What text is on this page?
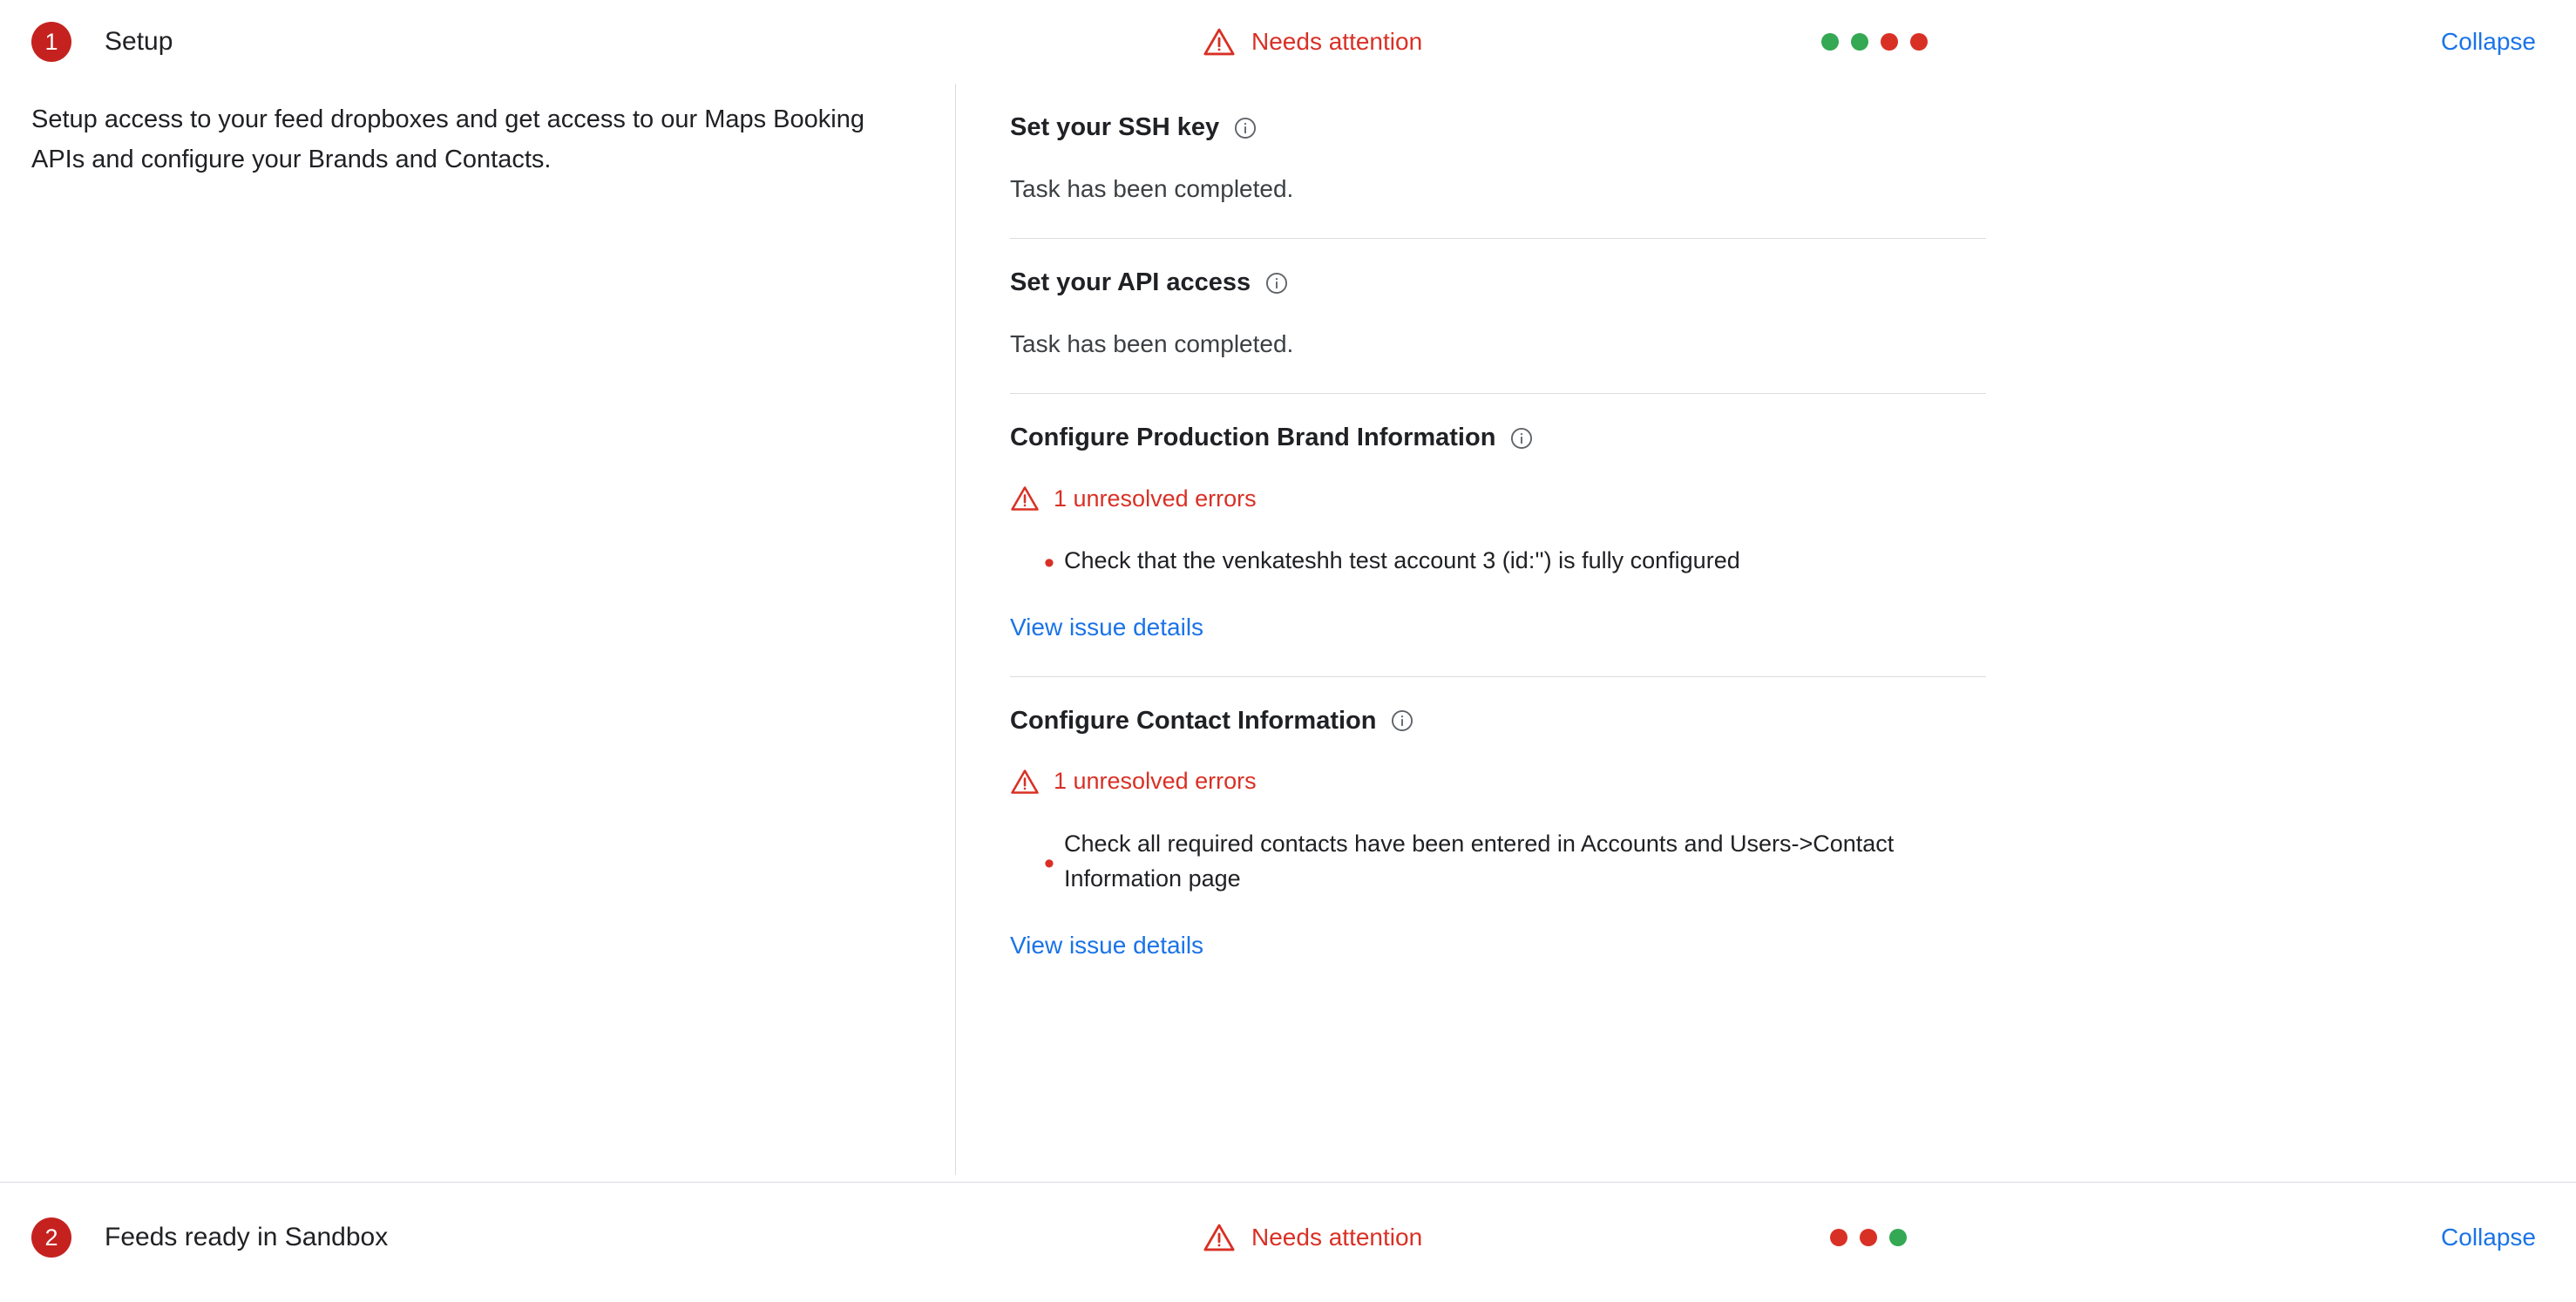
1	Setup	Needs attention	Collapse
Setup access to your feed dropboxes and get access to our Maps Booking APIs and configure your Brands and Contacts.
Set your SSH key
Task has been completed.
Set your API access
Task has been completed.
Configure Production Brand Information
1 unresolved errors
• Check that the venkateshh test account 3 (id:'') is fully configured
View issue details
Configure Contact Information
1 unresolved errors
•
Check all required contacts have been entered in Accounts and Users->Contact Information page
View issue details
2	Feeds ready in Sandbox	Needs attention	Collapse
